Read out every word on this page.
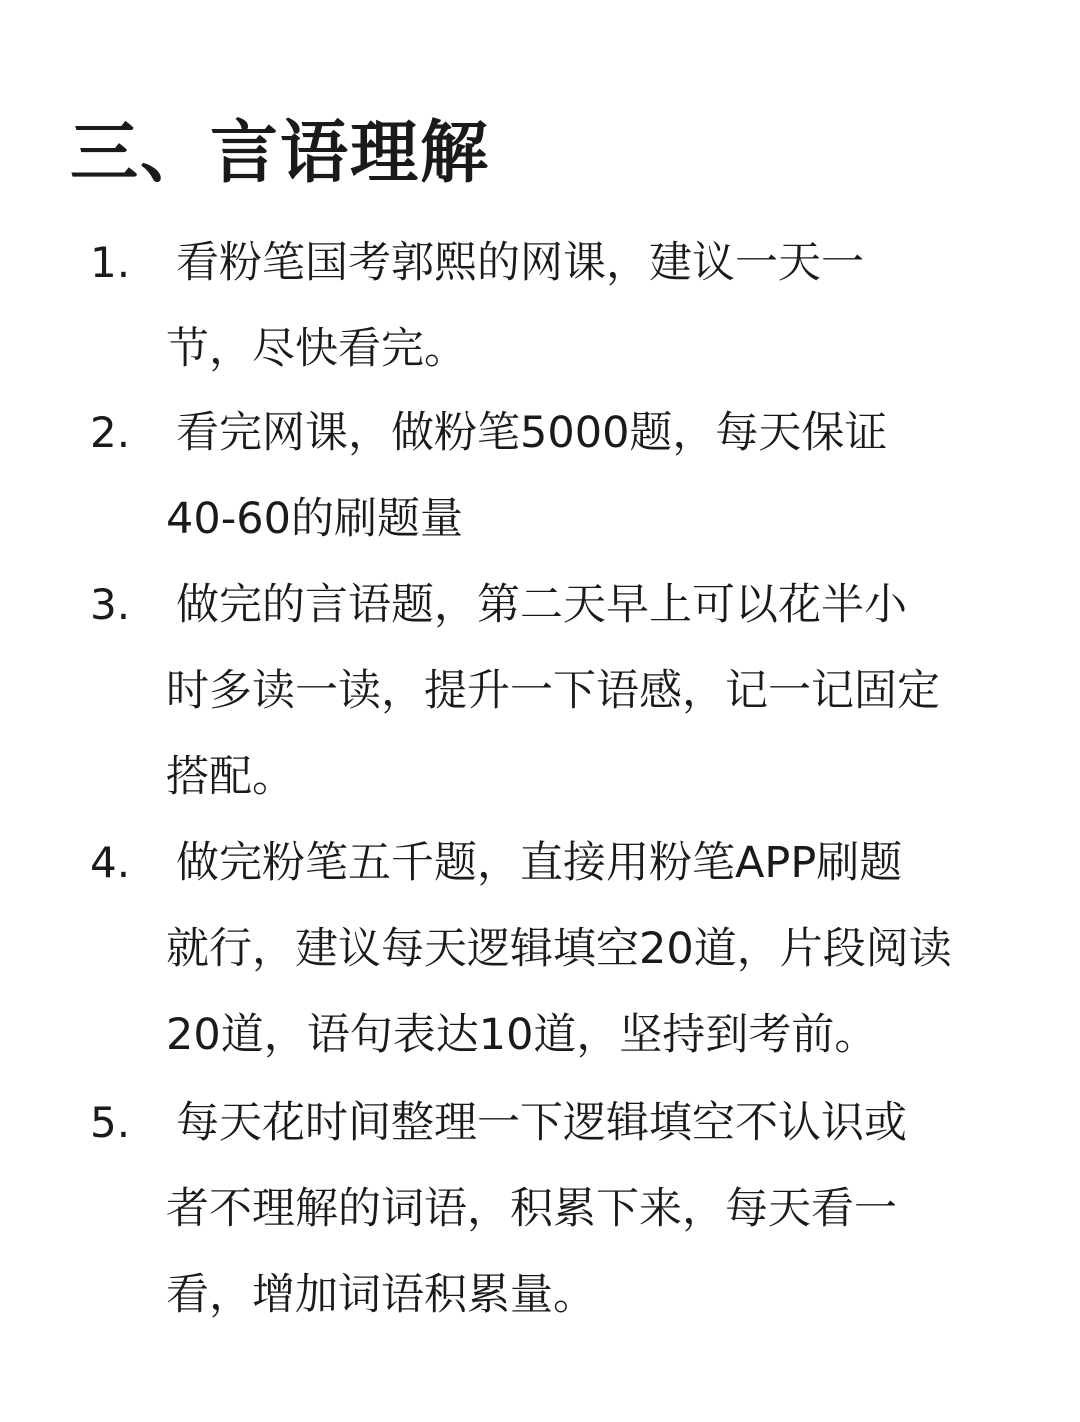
三、言语理解
1. 看粉笔国考郭熙的网课，建议一天一
节，尽快看完。
2. 看完网课，做粉笔5000题，每天保证
40-60的刷题量
3. 做完的言语题，第二天早上可以花半小
时多读一读，提升一下语感，记一记固定
搭配。
4. 做完粉笔五千题，直接用粉笔APP刷题
就行，建议每天逻辑填空20道，片段阅读
20道，语句表达10道，坚持到考前。
5. 每天花时间整理一下逻辑填空不认识或
者不理解的词语，积累下来，每天看一
看，增加词语积累量。
